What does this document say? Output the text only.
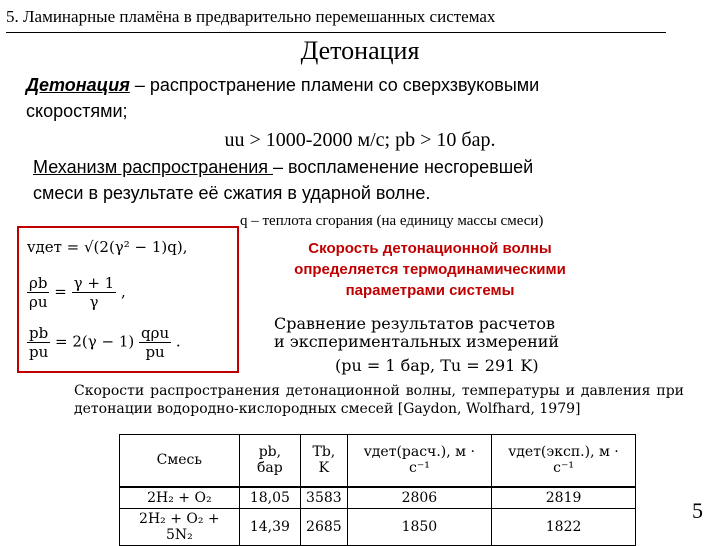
5. Ламинарные пламёна в предварительно перемешанных системах
Детонация
Детонация – распространение пламени со сверхзвуковыми
скоростями;
uu > 1000-2000 м/с; pb > 10 бар.
Механизм распространения – воспламенение несгоревшей
смеси в результате её сжатия в ударной волне.
q – теплота сгорания (на единицу массы смеси)
vдет = √(2(γ² − 1)q),
$\frac{\rho b}{\rho u} = \frac{\gamma + 1}{\gamma}$ ,
$\frac{pb}{pu} = 2(\gamma - 1) \frac{\text{qρu}}{pu}$ .
Скорость детонационной волны
определяется термодинамическими
параметрами системы
Сравнение результатов расчетов
и экспериментальных измерений
(pu = 1 бар, Tu = 291 K)
Скорости распространения детонационной волны, температуры и давления при детонации водородно-кислородных смесей [Gaydon, Wolfhard, 1979]
Смесь	pb, бар	Tb, K	vдет(расч.), м · с⁻¹	vдет(эксп.), м · с⁻¹
2H₂ + O₂	18,05	3583	2806	2819
2H₂ + O₂ + 5N₂	14,39	2685	1850	1822
5
